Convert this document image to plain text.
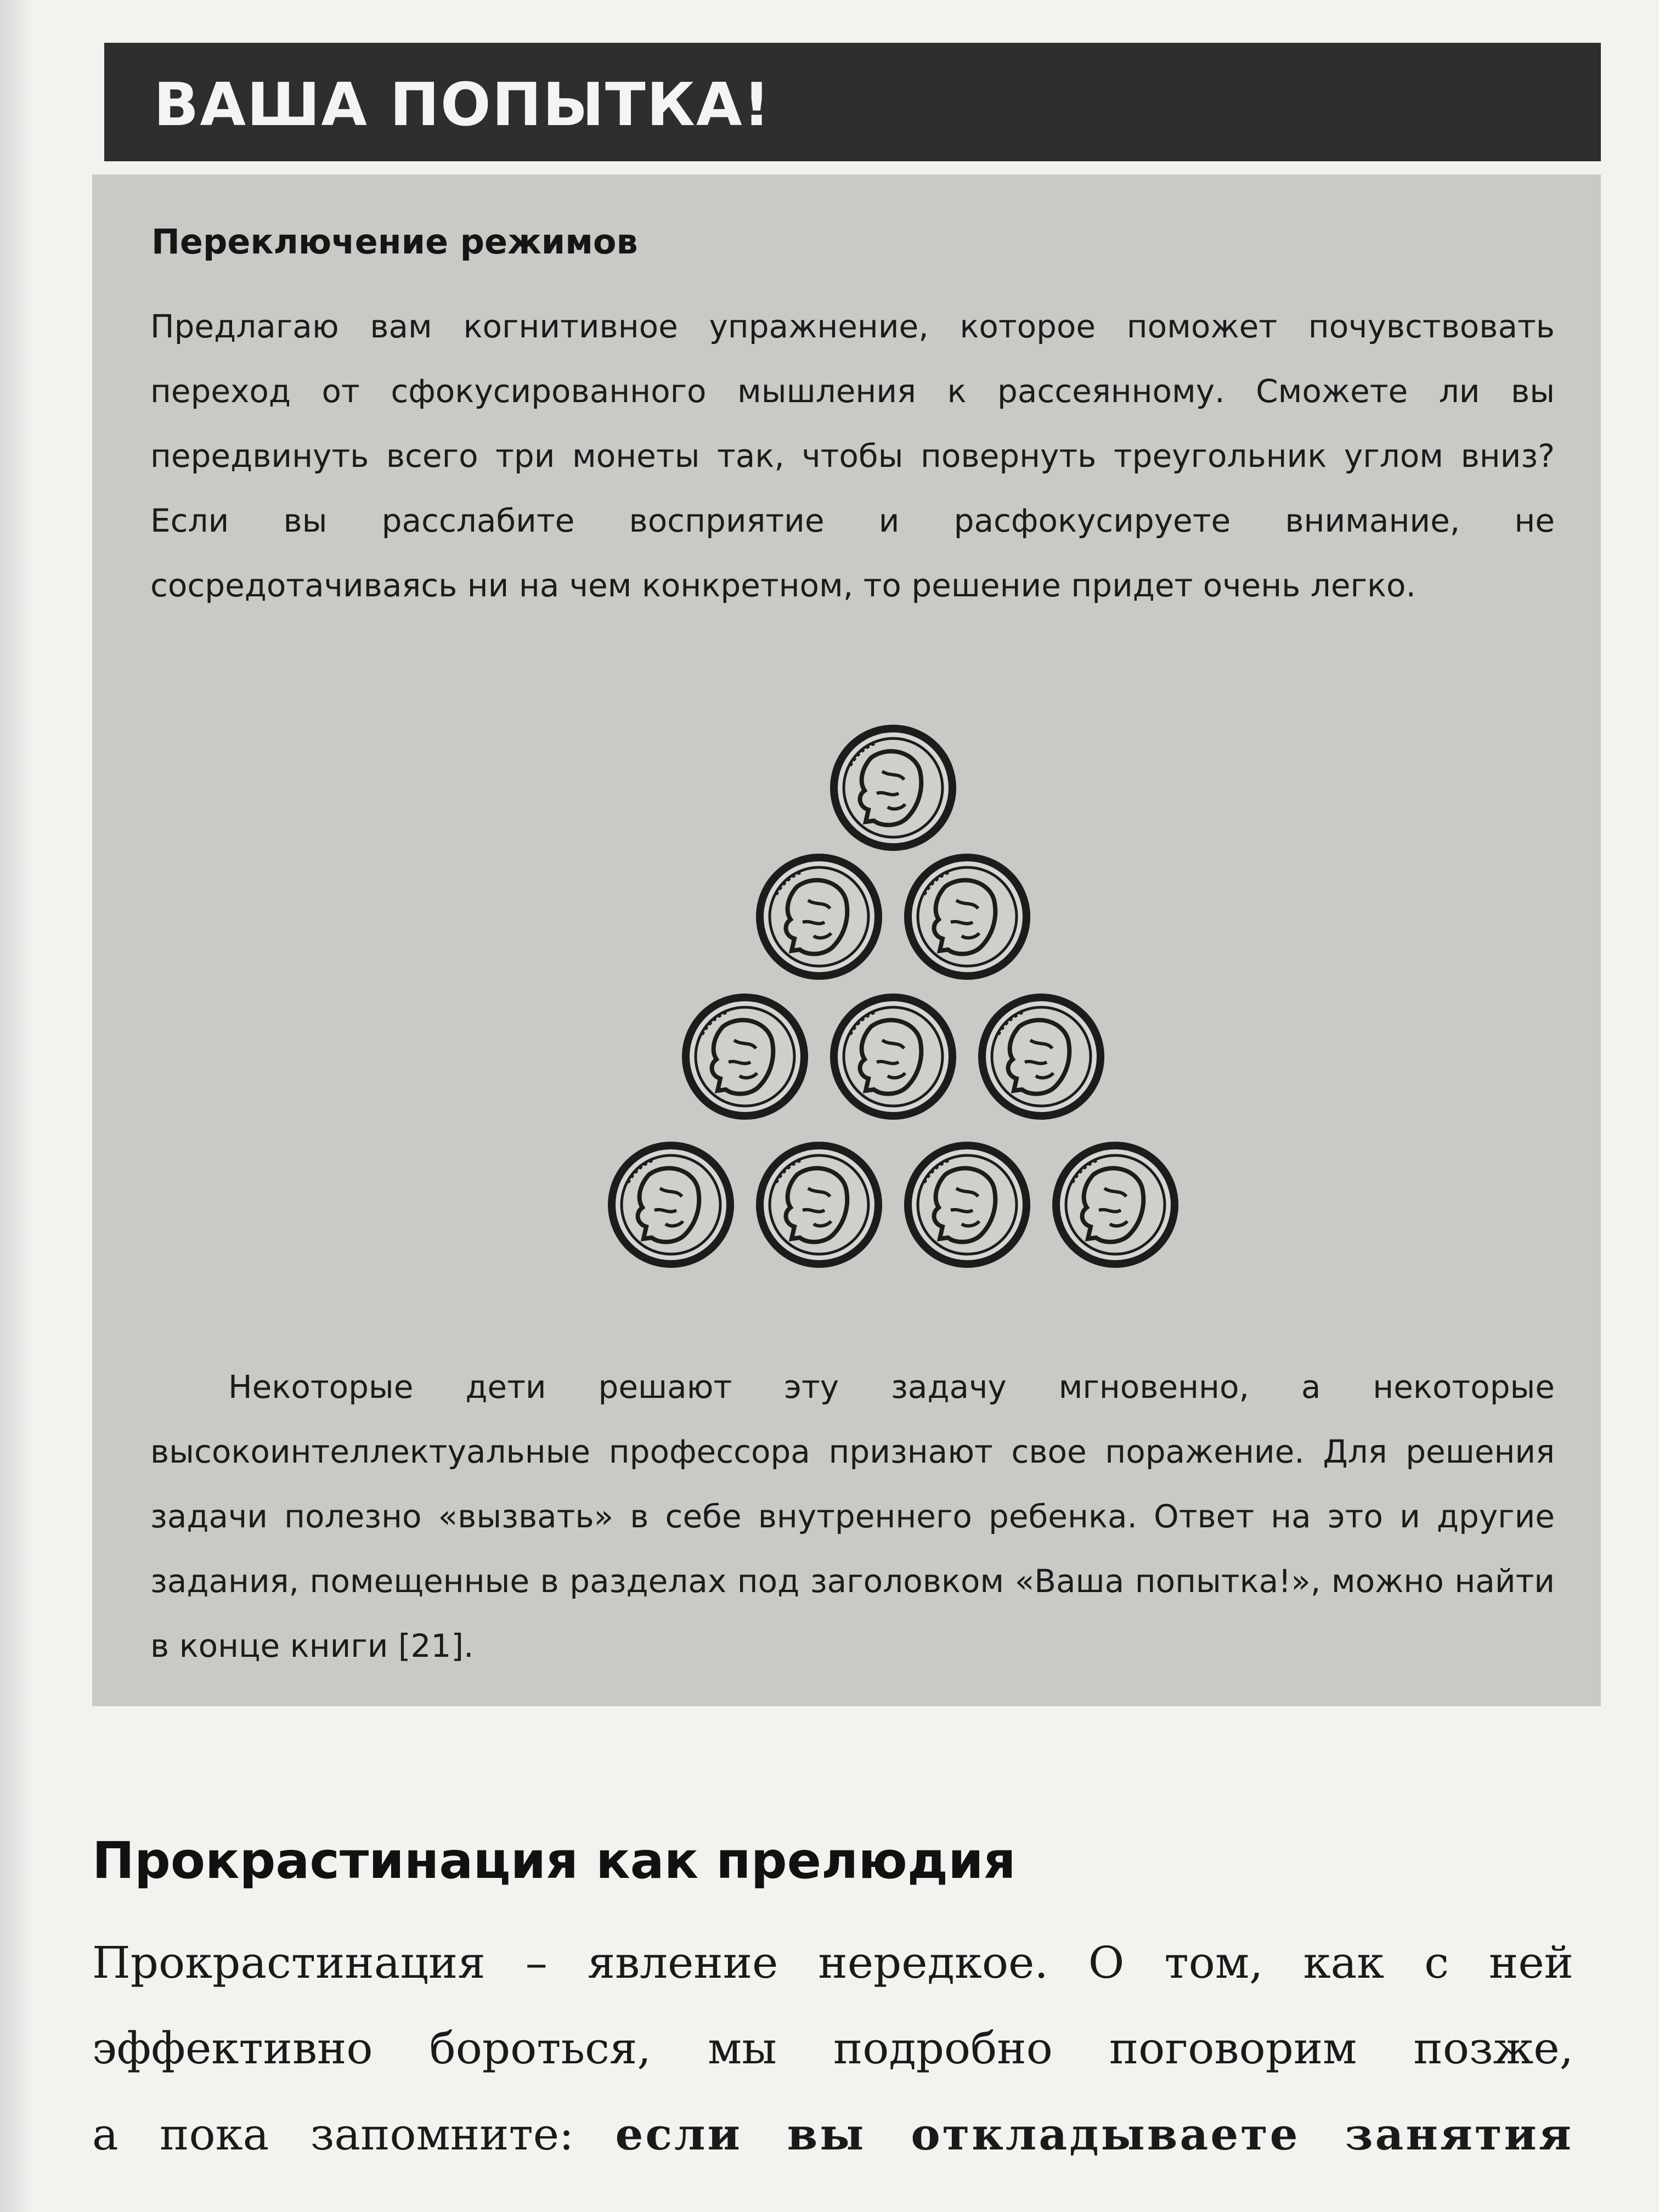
ВАША ПОПЫТКА!
Переключение режимов
Предлагаю вам когнитивное упражнение, которое поможет почувствовать переход от сфокусированного мышления к рассеянному. Сможете ли вы передвинуть всего три монеты так, чтобы повернуть треугольник углом вниз? Если вы расслабите восприятие и расфокусируете внимание, не сосредотачиваясь ни на чем конкретном, то решение придет очень легко.
Некоторые дети решают эту задачу мгновенно, а некоторые высокоинтеллектуальные профессора признают свое поражение. Для решения задачи полезно «вызвать» в себе внутреннего ребенка. Ответ на это и другие задания, помещенные в разделах под заголовком «Ваша попытка!», можно найти в конце книги [21].
Прокрастинация как прелюдия
Прокрастинация – явление нередкое. О том, как с ней
эффективно бороться, мы подробно поговорим позже,
а пока запомните: если вы откладываете занятия
